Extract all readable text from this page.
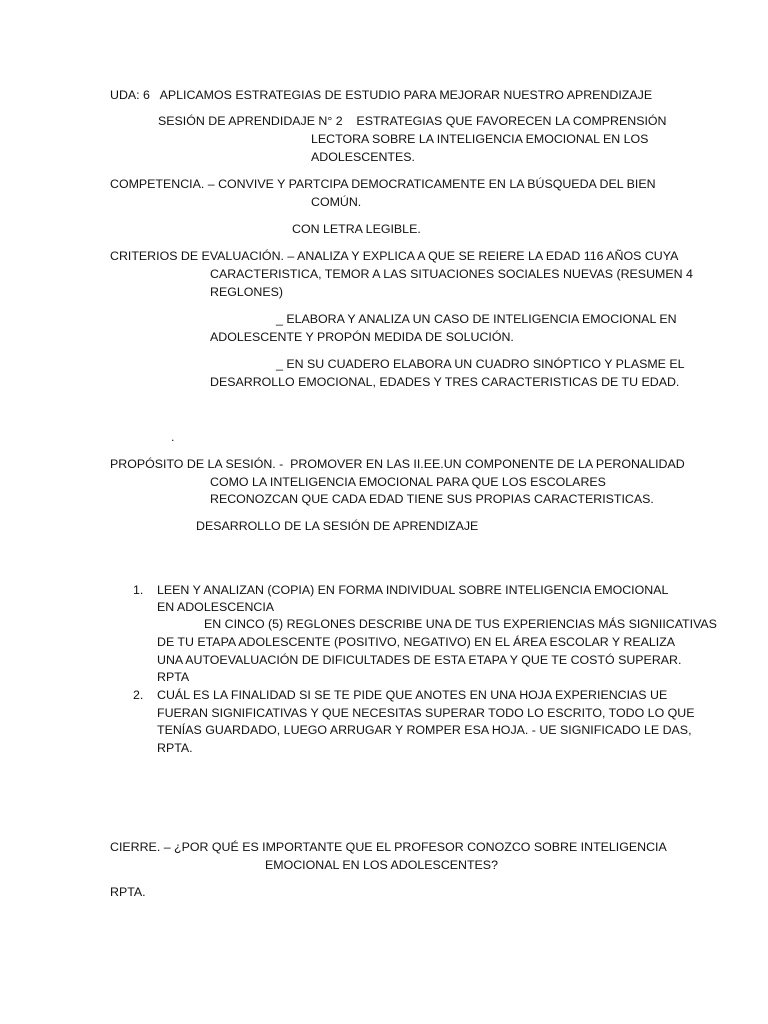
UDA: 6   APLICAMOS ESTRATEGIAS DE ESTUDIO PARA MEJORAR NUESTRO APRENDIZAJE
SESIÓN DE APRENDIDAJE N° 2    ESTRATEGIAS QUE FAVORECEN LA COMPRENSIÓN
LECTORA SOBRE LA INTELIGENCIA EMOCIONAL EN LOS
ADOLESCENTES.
COMPETENCIA. – CONVIVE Y PARTCIPA DEMOCRATICAMENTE EN LA BÚSQUEDA DEL BIEN
COMÚN.
CON LETRA LEGIBLE.
CRITERIOS DE EVALUACIÓN. – ANALIZA Y EXPLICA A QUE SE REIERE LA EDAD 116 AÑOS CUYA
CARACTERISTICA, TEMOR A LAS SITUACIONES SOCIALES NUEVAS (RESUMEN 4
REGLONES)
_ ELABORA Y ANALIZA UN CASO DE INTELIGENCIA EMOCIONAL EN
ADOLESCENTE Y PROPÓN MEDIDA DE SOLUCIÓN.
_ EN SU CUADERO ELABORA UN CUADRO SINÓPTICO Y PLASME EL
DESARROLLO EMOCIONAL, EDADES Y TRES CARACTERISTICAS DE TU EDAD.
.
PROPÓSITO DE LA SESIÓN. -  PROMOVER EN LAS II.EE.UN COMPONENTE DE LA PERONALIDAD
COMO LA INTELIGENCIA EMOCIONAL PARA QUE LOS ESCOLARES
RECONOZCAN QUE CADA EDAD TIENE SUS PROPIAS CARACTERISTICAS.
DESARROLLO DE LA SESIÓN DE APRENDIZAJE
1. LEEN Y ANALIZAN (COPIA) EN FORMA INDIVIDUAL SOBRE INTELIGENCIA EMOCIONAL
EN ADOLESCENCIA
EN CINCO (5) REGLONES DESCRIBE UNA DE TUS EXPERIENCIAS MÁS SIGNIICATIVAS
DE TU ETAPA ADOLESCENTE (POSITIVO, NEGATIVO) EN EL ÁREA ESCOLAR Y REALIZA
UNA AUTOEVALUACIÓN DE DIFICULTADES DE ESTA ETAPA Y QUE TE COSTÓ SUPERAR.
RPTA
2. CUÁL ES LA FINALIDAD SI SE TE PIDE QUE ANOTES EN UNA HOJA EXPERIENCIAS UE
FUERAN SIGNIFICATIVAS Y QUE NECESITAS SUPERAR TODO LO ESCRITO, TODO LO QUE
TENÍAS GUARDADO, LUEGO ARRUGAR Y ROMPER ESA HOJA. - UE SIGNIFICADO LE DAS,
RPTA.
CIERRE. – ¿POR QUÉ ES IMPORTANTE QUE EL PROFESOR CONOZCO SOBRE INTELIGENCIA
EMOCIONAL EN LOS ADOLESCENTES?
RPTA.
